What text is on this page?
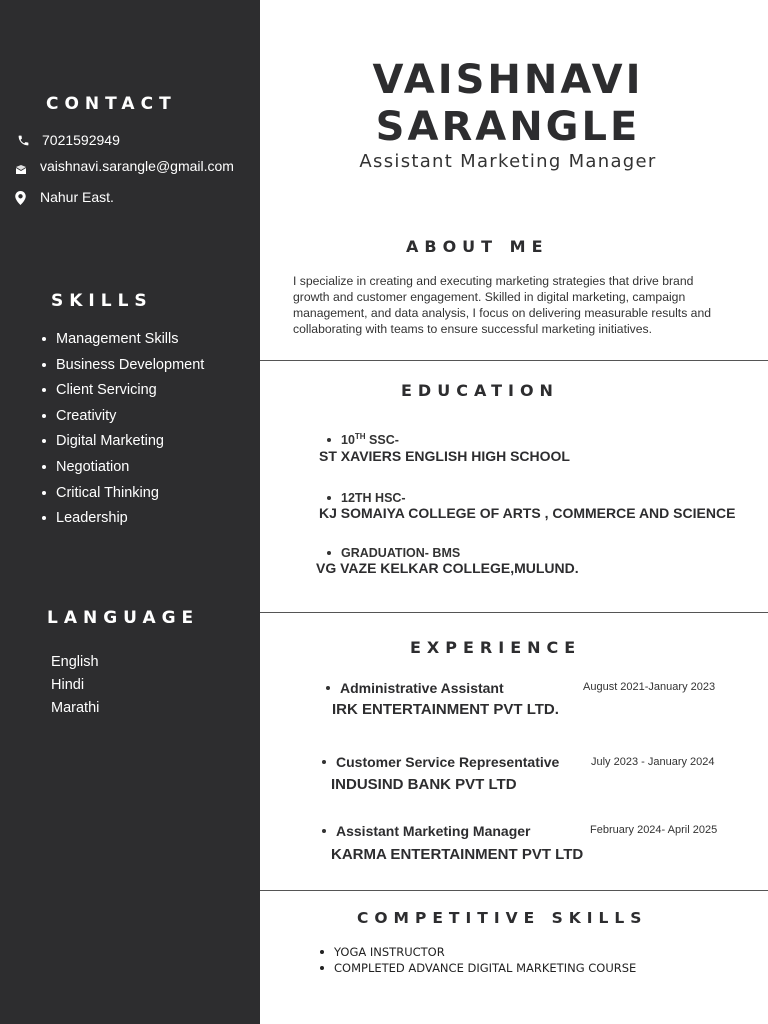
CONTACT
7021592949
vaishnavi.sarangle@gmail.com
Nahur East.
SKILLS
Management Skills
Business Development
Client Servicing
Creativity
Digital Marketing
Negotiation
Critical Thinking
Leadership
LANGUAGE
English
Hindi
Marathi
VAISHNAVI
SARANGLE
Assistant Marketing Manager
ABOUT ME
I specialize in creating and executing marketing strategies that drive brand growth and customer engagement. Skilled in digital marketing, campaign management, and data analysis, I focus on delivering measurable results and collaborating with teams to ensure successful marketing initiatives.
EDUCATION
10TH SSC-
ST XAVIERS ENGLISH HIGH SCHOOL
12TH HSC-
KJ SOMAIYA COLLEGE OF ARTS , COMMERCE AND SCIENCE
GRADUATION- BMS
VG VAZE KELKAR COLLEGE,MULUND.
EXPERIENCE
Administrative Assistant	August 2021-January 2023
IRK ENTERTAINMENT PVT LTD.
Customer Service Representative	July 2023 - January 2024
INDUSIND BANK PVT LTD
Assistant Marketing Manager	February 2024- April 2025
KARMA ENTERTAINMENT PVT LTD
COMPETITIVE SKILLS
YOGA INSTRUCTOR
COMPLETED ADVANCE DIGITAL MARKETING COURSE
